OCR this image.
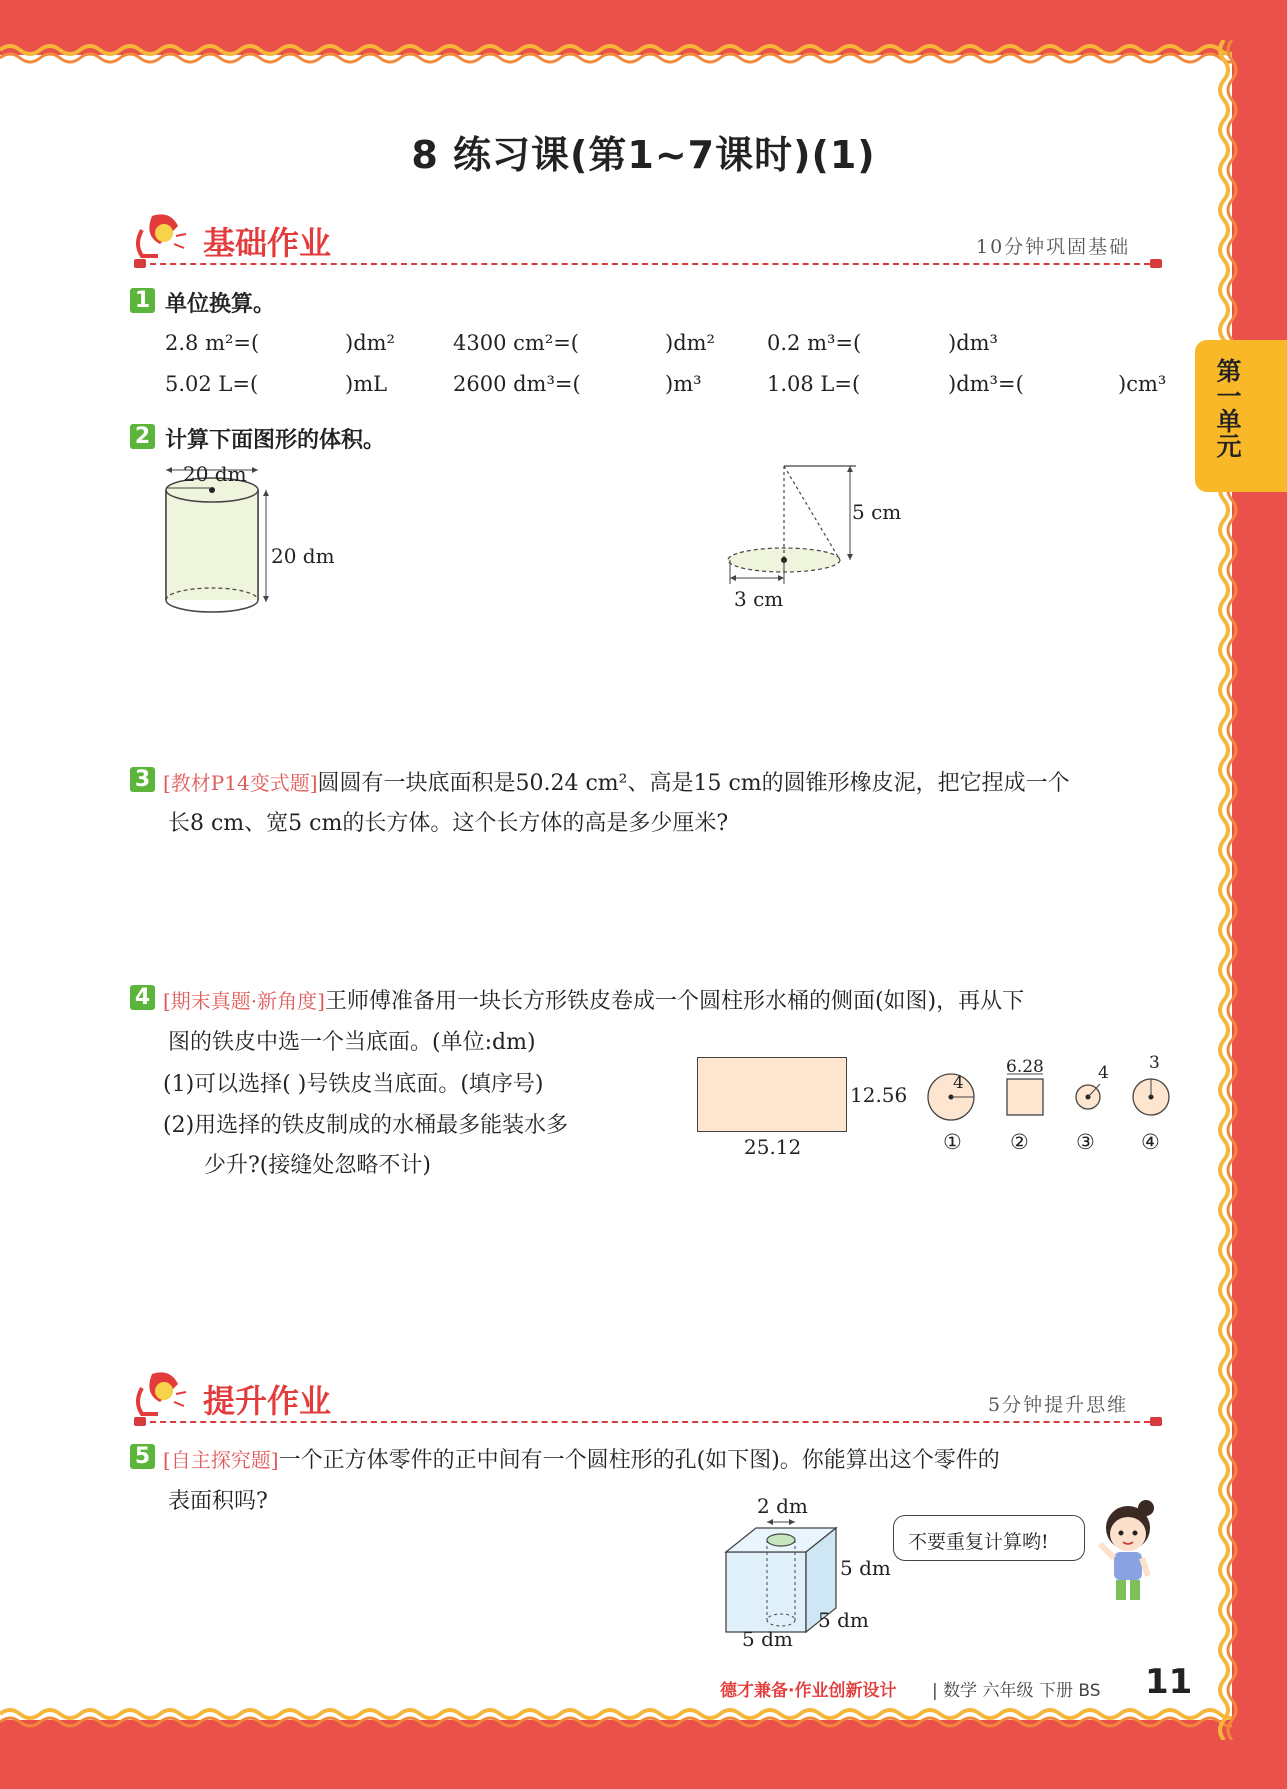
第一单元
8 练习课(第1~7课时)(1)
基础作业	10分钟巩固基础
1 单位换算。
2.8 m²=(	)dm²	4300 cm²=(	)dm² 0.2 m³=(	)dm³
5.02 L=(	)mL	2600 dm³=(	)m³	1.08 L=(	)dm³=(	)cm³
2 计算下面图形的体积。
20 dm
20 dm
5 cm
3 cm
3 [教材P14变式题]圆圆有一块底面积是50.24 cm²、高是15 cm的圆锥形橡皮泥，把它捏成一个
长8 cm、宽5 cm的长方体。这个长方体的高是多少厘米?
4 [期末真题·新角度]王师傅准备用一块长方形铁皮卷成一个圆柱形水桶的侧面(如图)，再从下
图的铁皮中选一个当底面。(单位:dm)
(1)可以选择( )号铁皮当底面。(填序号)
(2)用选择的铁皮制成的水桶最多能装水多
少升?(接缝处忽略不计)
12.56
25.12
4
6.28	4 3
① ② ③ ④
提升作业	5分钟提升思维
5 [自主探究题]一个正方体零件的正中间有一个圆柱形的孔(如下图)。你能算出这个零件的
表面积吗?	2 dm
5 dm
5 dm
5 dm
不要重复计算哟!
德才兼备·作业创新设计 | 数学 六年级 下册 BS 11
